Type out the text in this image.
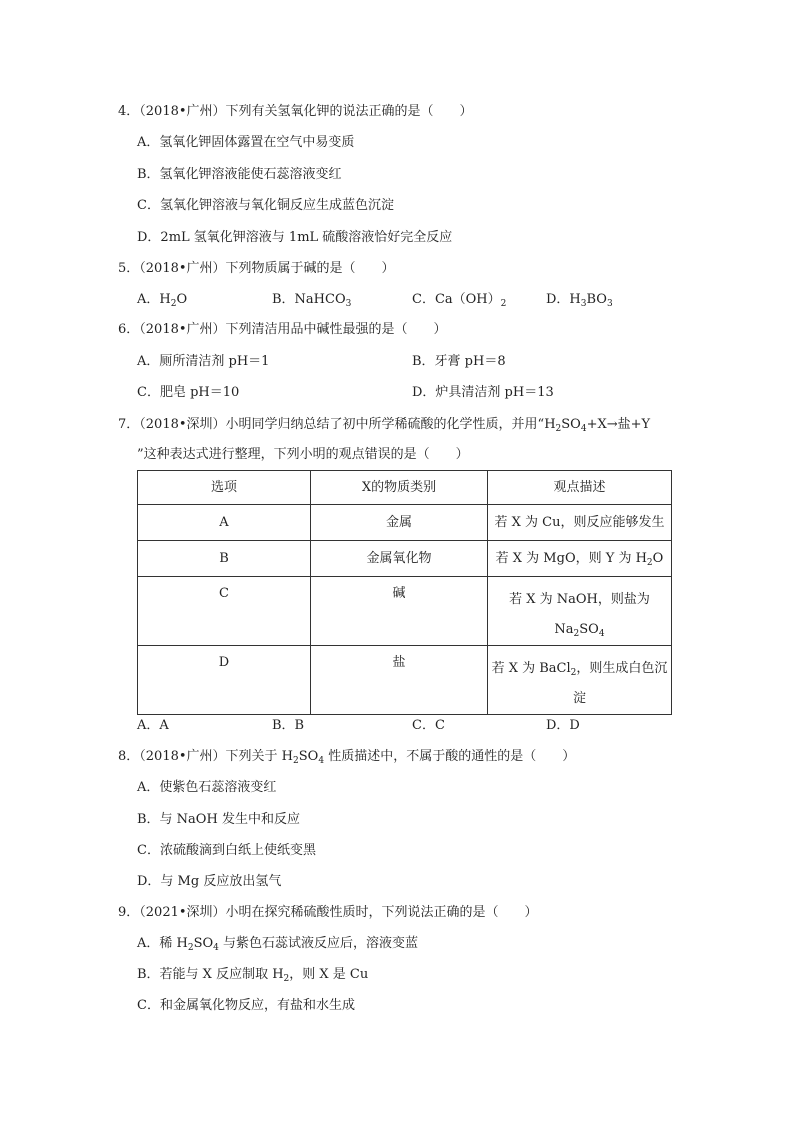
4．（2018•广州）下列有关氢氧化钾的说法正确的是（　　）
A．氢氧化钾固体露置在空气中易变质
B．氢氧化钾溶液能使石蕊溶液变红
C．氢氧化钾溶液与氧化铜反应生成蓝色沉淀
D．2mL 氢氧化钾溶液与 1mL 硫酸溶液恰好完全反应
5．（2018•广州）下列物质属于碱的是（　　）
A．$H_2O$	B．NaHCO$_3$	C．$Ca(OH)_2$	D．$H_3BO_3$
6．（2018•广州）下列清洁用品中碱性最强的是（　　）
A．厕所清洁剂 pH＝1	B．牙膏 pH＝8
C．肥皂 pH＝10	D．炉具清洁剂 pH＝13
7．（2018•深圳）小明同学归纳总结了初中所学稀硫酸的化学性质，并用“$H_2SO_4+X\to$盐+Y
”这种表达式进行整理，下列小明的观点错误的是（　　）
选项	X的物质类别	观点描述
A	金属	若 X 为 Cu，则反应能够发生
B	金属氧化物	若 X 为 MgO，则 Y 为 $H_2O$
C	碱	若 X 为 NaOH，则盐为
$Na_2SO_4$
D	盐	若 X 为 BaCl$_2$，则生成白色沉
淀
A．A	B．B	C．C	D．D
8．（2018•广州）下列关于 $H_2SO_4$ 性质描述中，不属于酸的通性的是（　　）
A．使紫色石蕊溶液变红
B．与 NaOH 发生中和反应
C．浓硫酸滴到白纸上使纸变黑
D．与 Mg 反应放出氢气
9．（2021•深圳）小明在探究稀硫酸性质时，下列说法正确的是（　　）
A．稀 $H_2SO_4$ 与紫色石蕊试液反应后，溶液变蓝
B．若能与 X 反应制取 $H_2$，则 X 是 Cu
C．和金属氧化物反应，有盐和水生成
